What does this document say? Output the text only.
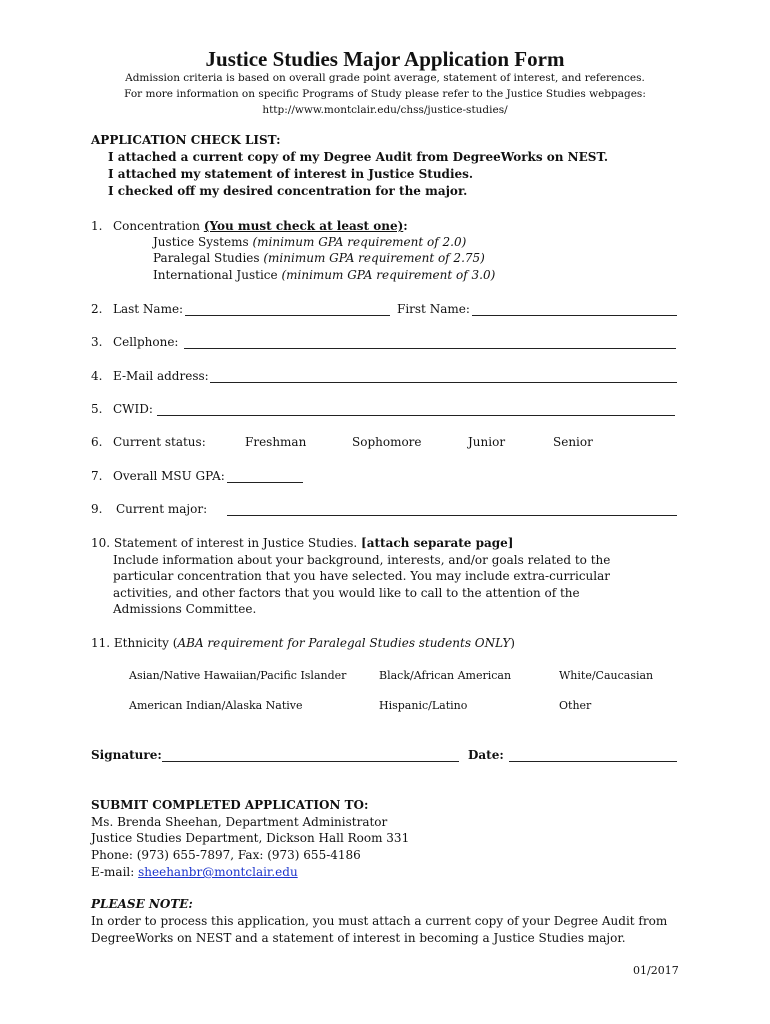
Justice Studies Major Application Form
Admission criteria is based on overall grade point average, statement of interest, and references.
For more information on specific Programs of Study please refer to the Justice Studies webpages:
http://www.montclair.edu/chss/justice-studies/
APPLICATION CHECK LIST:
I attached a current copy of my Degree Audit from DegreeWorks on NEST.
I attached my statement of interest in Justice Studies.
I checked off my desired concentration for the major.
1. Concentration (You must check at least one):
Justice Systems (minimum GPA requirement of 2.0)
Paralegal Studies (minimum GPA requirement of 2.75)
International Justice (minimum GPA requirement of 3.0)
2. Last Name:	First Name:
3. Cellphone:
4. E-Mail address:
5. CWID:
6. Current status:	Freshman	Sophomore	Junior	Senior
7. Overall MSU GPA:
9. Current major:
10. Statement of interest in Justice Studies. [attach separate page]
Include information about your background, interests, and/or goals related to the
particular concentration that you have selected. You may include extra-curricular
activities, and other factors that you would like to call to the attention of the
Admissions Committee.
11. Ethnicity (ABA requirement for Paralegal Studies students ONLY)
Asian/Native Hawaiian/Pacific Islander	Black/African American	White/Caucasian
American Indian/Alaska Native	Hispanic/Latino	Other
Signature:	Date:
SUBMIT COMPLETED APPLICATION TO:
Ms. Brenda Sheehan, Department Administrator
Justice Studies Department, Dickson Hall Room 331
Phone: (973) 655-7897, Fax: (973) 655-4186
E-mail: sheehanbr@montclair.edu
PLEASE NOTE:
In order to process this application, you must attach a current copy of your Degree Audit from
DegreeWorks on NEST and a statement of interest in becoming a Justice Studies major.
01/2017
